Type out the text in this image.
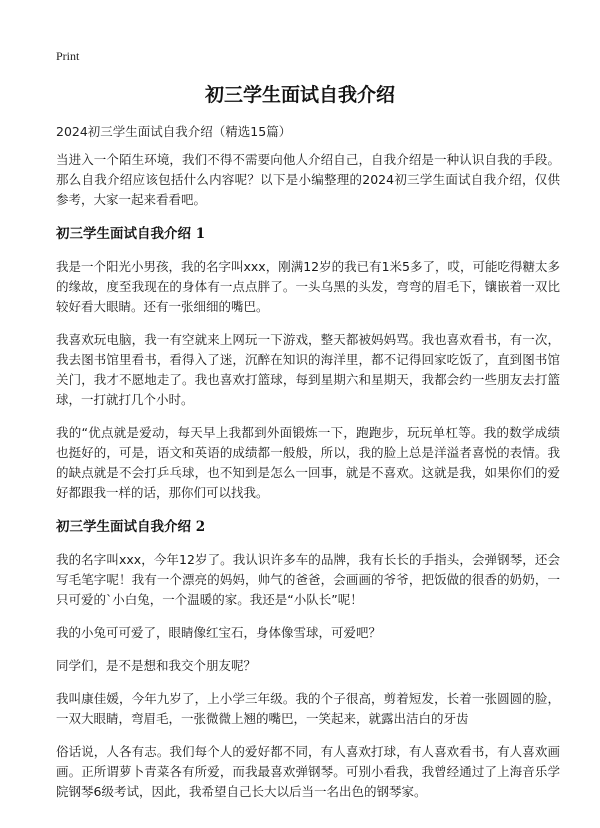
Print
初三学生面试自我介绍
2024初三学生面试自我介绍（精选15篇）

当进入一个陌生环境，我们不得不需要向他人介绍自己，自我介绍是一种认识自我的手段。那么自我介绍应该包括什么内容呢？以下是小编整理的2024初三学生面试自我介绍，仅供参考，大家一起来看看吧。

初三学生面试自我介绍 1

我是一个阳光小男孩，我的名字叫xxx，刚满12岁的我已有1米5多了，哎，可能吃得糖太多的缘故，度至我现在的身体有一点点胖了。一头乌黑的头发，弯弯的眉毛下，镶嵌着一双比较好看大眼睛。还有一张细细的嘴巴。

我喜欢玩电脑，我一有空就来上网玩一下游戏，整天都被妈妈骂。我也喜欢看书，有一次，我去图书馆里看书，看得入了迷，沉醉在知识的海洋里，都不记得回家吃饭了，直到图书馆关门，我才不愿地走了。我也喜欢打篮球，每到星期六和星期天，我都会约一些朋友去打篮球，一打就打几个小时。

我的“优点就是爱动，每天早上我都到外面锻炼一下，跑跑步，玩玩单杠等。我的数学成绩也挺好的，可是，语文和英语的成绩都一般般，所以，我的脸上总是洋溢者喜悦的表情。我的缺点就是不会打乒乓球，也不知到是怎么一回事，就是不喜欢。这就是我，如果你们的爱好都跟我一样的话，那你们可以找我。

初三学生面试自我介绍 2

我的名字叫xxx，今年12岁了。我认识许多车的品牌，我有长长的手指头，会弹钢琴，还会写毛笔字呢！我有一个漂亮的妈妈，帅气的爸爸，会画画的爷爷，把饭做的很香的奶奶，一只可爱的`小白兔，一个温暖的家。我还是“小队长”呢！

我的小兔可可爱了，眼睛像红宝石，身体像雪球，可爱吧？

同学们，是不是想和我交个朋友呢？

我叫康佳媛，今年九岁了，上小学三年级。我的个子很高，剪着短发，长着一张圆圆的脸，一双大眼睛，弯眉毛，一张微微上翘的嘴巴，一笑起来，就露出洁白的牙齿

俗话说，人各有志。我们每个人的爱好都不同，有人喜欢打球，有人喜欢看书，有人喜欢画画。正所谓萝卜青菜各有所爱，而我最喜欢弹钢琴。可别小看我，我曾经通过了上海音乐学院钢琴6级考试，因此，我希望自己长大以后当一名出色的钢琴家。
